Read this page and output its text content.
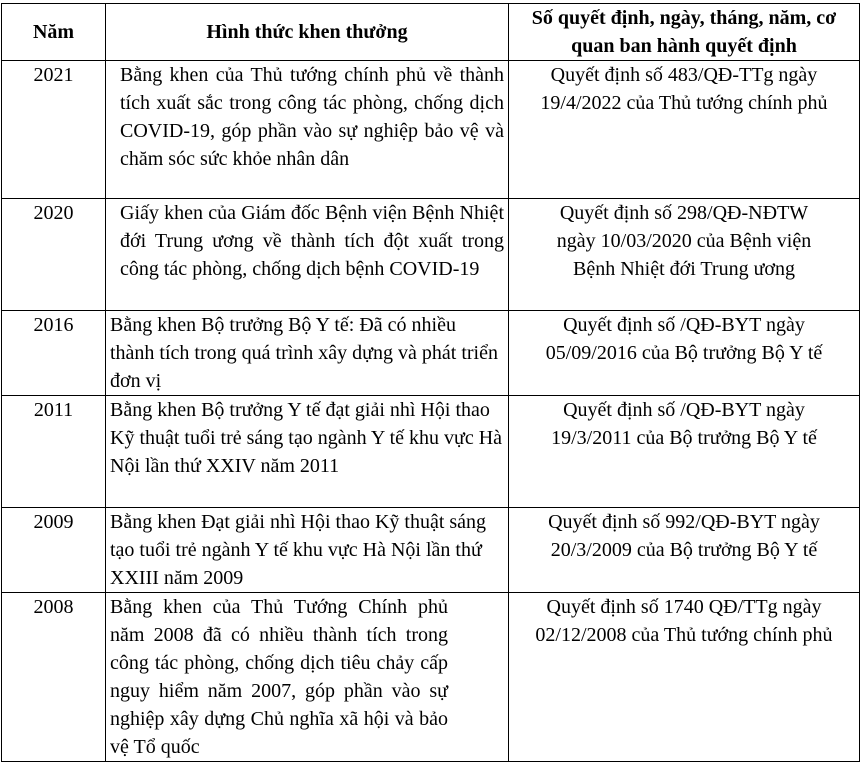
Năm	Hình thức khen thưởng	Số quyết định, ngày, tháng, năm, cơ quan ban hành quyết định
2021	Bằng khen của Thủ tướng chính phủ về thành tích xuất sắc trong công tác phòng, chống dịch COVID-19, góp phần vào sự nghiệp bảo vệ và chăm sóc sức khỏe nhân dân	Quyết định số 483/QĐ-TTg ngày 19/4/2022 của Thủ tướng chính phủ
2020	Giấy khen của Giám đốc Bệnh viện Bệnh Nhiệt đới Trung ương về thành tích đột xuất trong công tác phòng, chống dịch bệnh COVID-19	Quyết định số 298/QĐ-NĐTW ngày 10/03/2020 của Bệnh viện Bệnh Nhiệt đới Trung ương
2016	Bằng khen Bộ trưởng Bộ Y tế: Đã có nhiều thành tích trong quá trình xây dựng và phát triển đơn vị	Quyết định số /QĐ-BYT ngày 05/09/2016 của Bộ trưởng Bộ Y tế
2011	Bằng khen Bộ trưởng Y tế đạt giải nhì Hội thao Kỹ thuật tuổi trẻ sáng tạo ngành Y tế khu vực Hà Nội lần thứ XXIV năm 2011	Quyết định số /QĐ-BYT ngày 19/3/2011 của Bộ trưởng Bộ Y tế
2009	Bằng khen Đạt giải nhì Hội thao Kỹ thuật sáng tạo tuổi trẻ ngành Y tế khu vực Hà Nội lần thứ XXIII năm 2009	Quyết định số 992/QĐ-BYT ngày 20/3/2009 của Bộ trưởng Bộ Y tế
2008	Bằng khen của Thủ Tướng Chính phủ năm 2008 đã có nhiều thành tích trong công tác phòng, chống dịch tiêu chảy cấp nguy hiểm năm 2007, góp phần vào sự nghiệp xây dựng Chủ nghĩa xã hội và bảo vệ Tổ quốc	Quyết định số 1740 QĐ/TTg ngày 02/12/2008 của Thủ tướng chính phủ
